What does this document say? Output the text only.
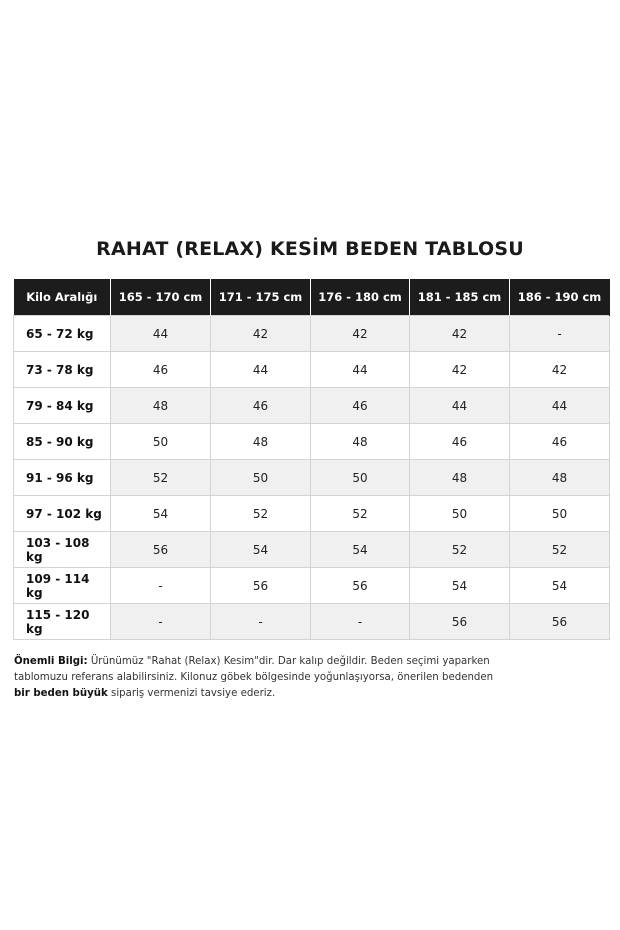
RAHAT (RELAX) KESİM BEDEN TABLOSU
Kilo Aralığı	165 - 170 cm	171 - 175 cm	176 - 180 cm	181 - 185 cm	186 - 190 cm
65 - 72 kg	44	42	42	42	-
73 - 78 kg	46	44	44	42	42
79 - 84 kg	48	46	46	44	44
85 - 90 kg	50	48	48	46	46
91 - 96 kg	52	50	50	48	48
97 - 102 kg	54	52	52	50	50
103 - 108 kg	56	54	54	52	52
109 - 114 kg	-	56	56	54	54
115 - 120 kg	-	-	-	56	56
Önemli Bilgi: Ürünümüz "Rahat (Relax) Kesim"dir. Dar kalıp değildir. Beden seçimi yaparken tablomuzu referans alabilirsiniz. Kilonuz göbek bölgesinde yoğunlaşıyorsa, önerilen bedenden bir beden büyük sipariş vermenizi tavsiye ederiz.
